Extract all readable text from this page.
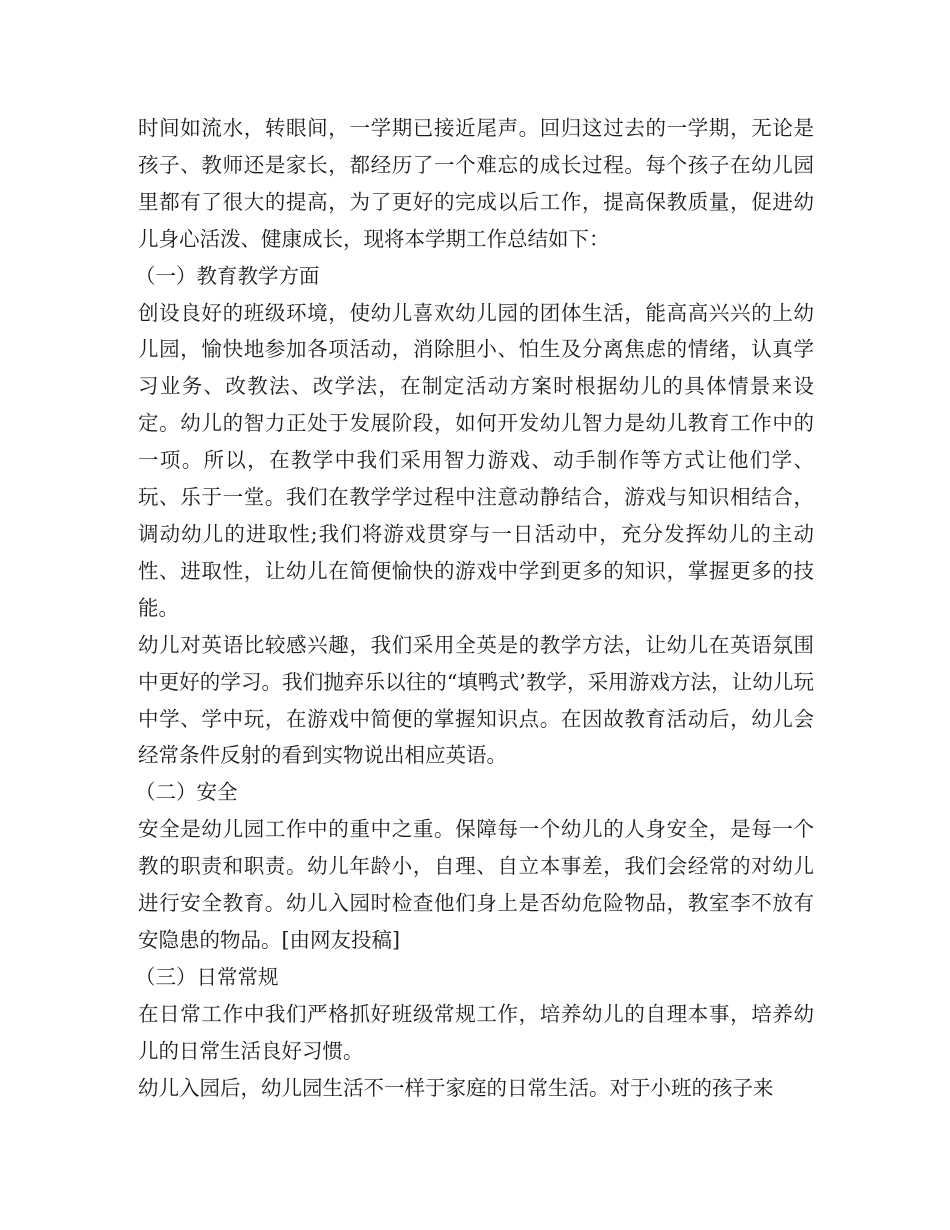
时间如流水，转眼间，一学期已接近尾声。回归这过去的一学期，无论是孩子、教师还是家长，都经历了一个难忘的成长过程。每个孩子在幼儿园里都有了很大的提高，为了更好的完成以后工作，提高保教质量，促进幼儿身心活泼、健康成长，现将本学期工作总结如下：

（一）教育教学方面

创设良好的班级环境，使幼儿喜欢幼儿园的团体生活，能高高兴兴的上幼儿园，愉快地参加各项活动，消除胆小、怕生及分离焦虑的情绪，认真学习业务、改教法、改学法，在制定活动方案时根据幼儿的具体情景来设定。幼儿的智力正处于发展阶段，如何开发幼儿智力是幼儿教育工作中的一项。所以，在教学中我们采用智力游戏、动手制作等方式让他们学、玩、乐于一堂。我们在教学学过程中注意动静结合，游戏与知识相结合，调动幼儿的进取性;我们将游戏贯穿与一日活动中，充分发挥幼儿的主动性、进取性，让幼儿在简便愉快的游戏中学到更多的知识，掌握更多的技能。

幼儿对英语比较感兴趣，我们采用全英是的教学方法，让幼儿在英语氛围中更好的学习。我们抛弃乐以往的“填鸭式’教学，采用游戏方法，让幼儿玩中学、学中玩，在游戏中简便的掌握知识点。在因故教育活动后，幼儿会经常条件反射的看到实物说出相应英语。

（二）安全

安全是幼儿园工作中的重中之重。保障每一个幼儿的人身安全，是每一个教的职责和职责。幼儿年龄小，自理、自立本事差，我们会经常的对幼儿进行安全教育。幼儿入园时检查他们身上是否幼危险物品，教室李不放有安隐患的物品。[由网友投稿]

（三）日常常规

在日常工作中我们严格抓好班级常规工作，培养幼儿的自理本事，培养幼儿的日常生活良好习惯。

幼儿入园后，幼儿园生活不一样于家庭的日常生活。对于小班的孩子来
